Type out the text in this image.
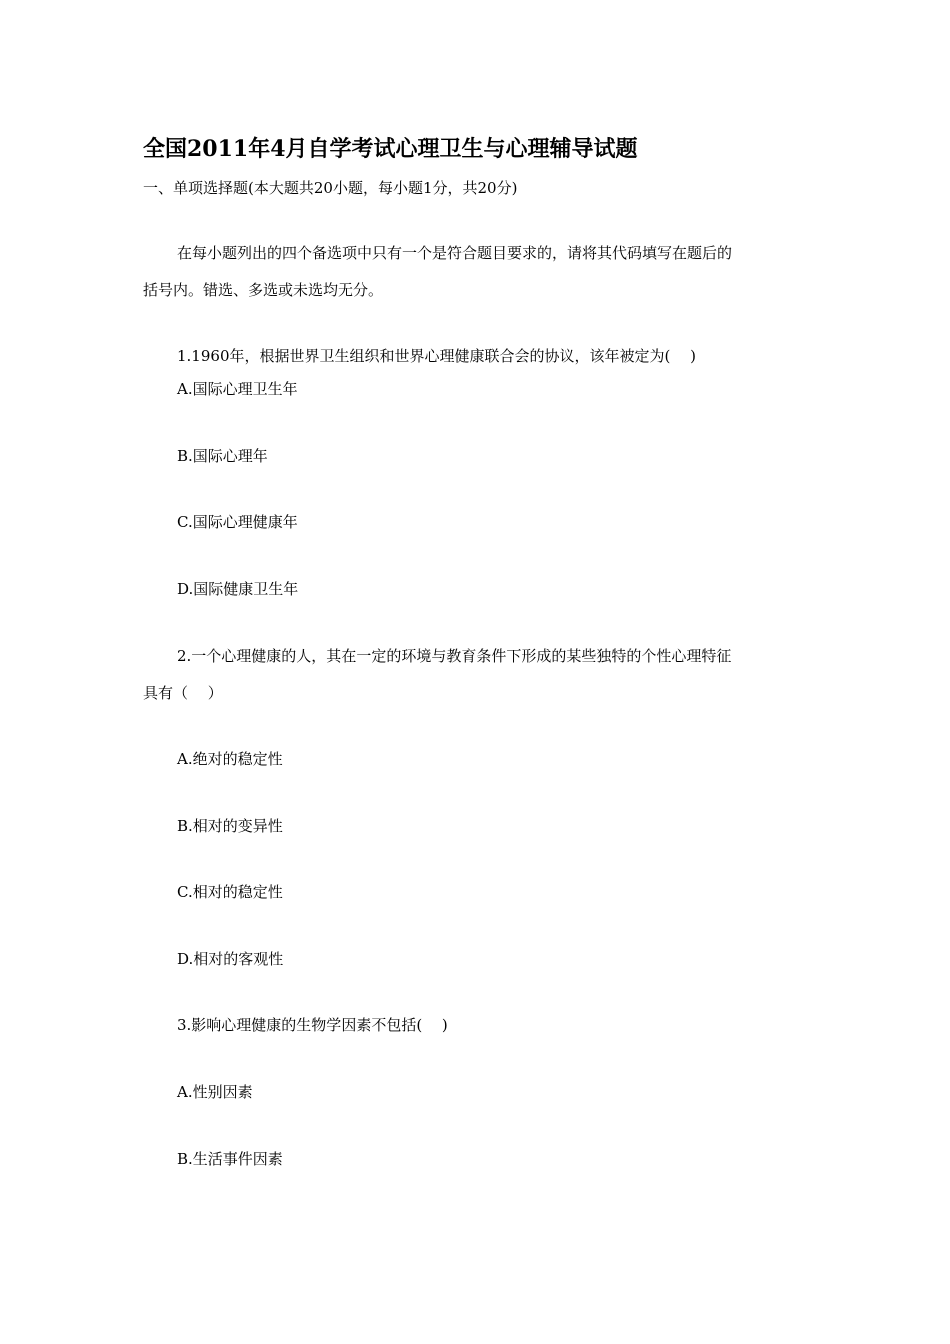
全国2011年4月自学考试心理卫生与心理辅导试题
一、单项选择题(本大题共20小题，每小题1分，共20分)
在每小题列出的四个备选项中只有一个是符合题目要求的，请将其代码填写在题后的
括号内。错选、多选或未选均无分。
1.1960年，根据世界卫生组织和世界心理健康联合会的协议，该年被定为(　 )
A.国际心理卫生年
B.国际心理年
C.国际心理健康年
D.国际健康卫生年
2.一个心理健康的人，其在一定的环境与教育条件下形成的某些独特的个性心理特征
具有（　 ）
A.绝对的稳定性
B.相对的变异性
C.相对的稳定性
D.相对的客观性
3.影响心理健康的生物学因素不包括(　 )
A.性别因素
B.生活事件因素
